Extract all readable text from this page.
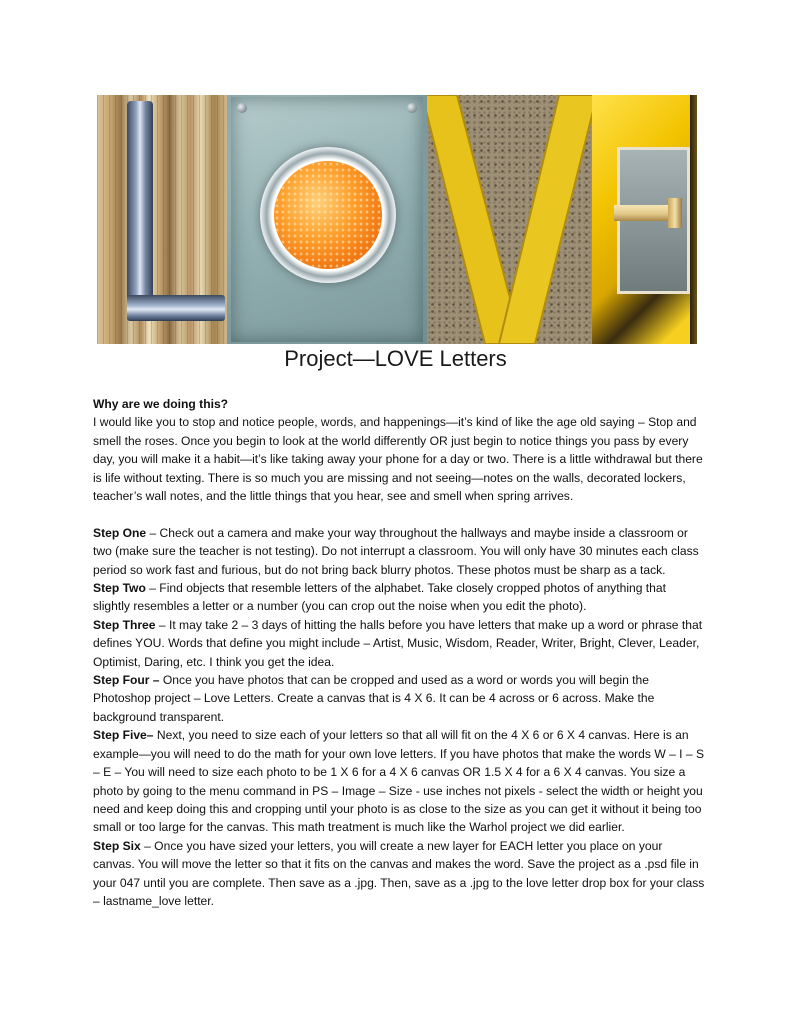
Project—LOVE Letters

Why are we doing this?

I would like you to stop and notice people, words, and happenings—it’s kind of like the age old saying – Stop and smell the roses. Once you begin to look at the world differently OR just begin to notice things you pass by every day, you will make it a habit—it’s like taking away your phone for a day or two. There is a little withdrawal but there is life without texting. There is so much you are missing and not seeing—notes on the walls, decorated lockers, teacher’s wall notes, and the little things that you hear, see and smell when spring arrives.

Step One – Check out a camera and make your way throughout the hallways and maybe inside a classroom or two (make sure the teacher is not testing). Do not interrupt a classroom. You will only have 30 minutes each class period so work fast and furious, but do not bring back blurry photos. These photos must be sharp as a tack.

Step Two – Find objects that resemble letters of the alphabet. Take closely cropped photos of anything that slightly resembles a letter or a number (you can crop out the noise when you edit the photo).

Step Three – It may take 2 – 3 days of hitting the halls before you have letters that make up a word or phrase that defines YOU. Words that define you might include – Artist, Music, Wisdom, Reader, Writer, Bright, Clever, Leader, Optimist, Daring, etc. I think you get the idea.

Step Four – Once you have photos that can be cropped and used as a word or words you will begin the Photoshop project – Love Letters. Create a canvas that is 4 X 6. It can be 4 across or 6 across. Make the background transparent.

Step Five– Next, you need to size each of your letters so that all will fit on the 4 X 6 or 6 X 4 canvas. Here is an example—you will need to do the math for your own love letters. If you have photos that make the words W – I – S – E – You will need to size each photo to be 1 X 6 for a 4 X 6 canvas OR 1.5 X 4 for a 6 X 4 canvas. You size a photo by going to the menu command in PS – Image – Size - use inches not pixels - select the width or height you need and keep doing this and cropping until your photo is as close to the size as you can get it without it being too small or too large for the canvas. This math treatment is much like the Warhol project we did earlier.

Step Six – Once you have sized your letters, you will create a new layer for EACH letter you place on your canvas. You will move the letter so that it fits on the canvas and makes the word. Save the project as a .psd file in your 047 until you are complete. Then save as a .jpg. Then, save as a .jpg to the love letter drop box for your class – lastname_love letter.
